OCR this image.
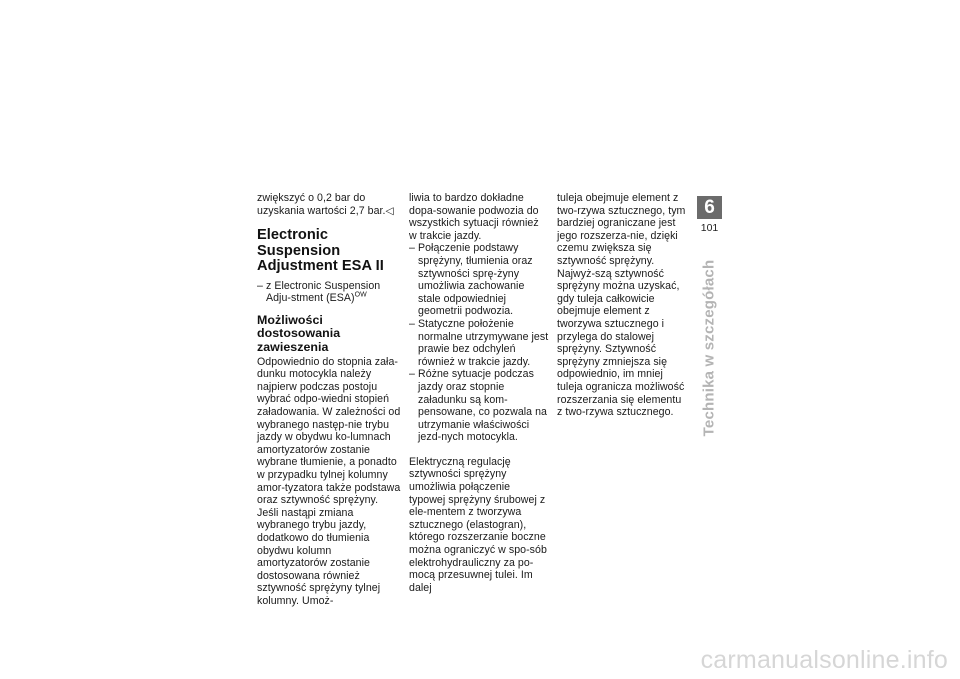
zwiększyć o 0,2 bar do uzyskania wartości 2,7 bar.◁

Electronic Suspension Adjustment ESA II
– z Electronic Suspension Adju-stment (ESA)$^{OW}$
Możliwości dostosowania zawieszenia

Odpowiednio do stopnia zała-dunku motocykla należy najpierw podczas postoju wybrać odpo-wiedni stopień załadowania. W zależności od wybranego następ-nie trybu jazdy w obydwu ko-lumnach amortyzatorów zostanie wybrane tłumienie, a ponadto w przypadku tylnej kolumny amor-tyzatora także podstawa oraz sztywność sprężyny. Jeśli nastąpi zmiana wybranego trybu jazdy, dodatkowo do tłumienia obydwu kolumn amortyzatorów zostanie dostosowana również sztywność sprężyny tylnej kolumny. Umoż-

liwia to bardzo dokładne dopa-sowanie podwozia do wszystkich sytuacji również w trakcie jazdy.

– Połączenie podstawy sprężyny, tłumienia oraz sztywności sprę-żyny umożliwia zachowanie stale odpowiedniej geometrii podwozia.
– Statyczne położenie normalne utrzymywane jest prawie bez odchyleń również w trakcie jazdy.
– Różne sytuacje podczas jazdy oraz stopnie załadunku są kom-pensowane, co pozwala na utrzymanie właściwości jezd-nych motocykla.

Elektryczną regulację sztywności sprężyny umożliwia połączenie typowej sprężyny śrubowej z ele-mentem z tworzywa sztucznego (elastogran), którego rozszerzanie boczne można ograniczyć w spo-sób elektrohydrauliczny za po-mocą przesuwnej tulei. Im dalej

tuleja obejmuje element z two-rzywa sztucznego, tym bardziej ograniczane jest jego rozszerza-nie, dzięki czemu zwiększa się sztywność sprężyny. Najwyż-szą sztywność sprężyny można uzyskać, gdy tuleja całkowicie obejmuje element z tworzywa sztucznego i przylega do stalowej sprężyny. Sztywność sprężyny zmniejsza się odpowiednio, im mniej tuleja ogranicza możliwość rozszerzania się elementu z two-rzywa sztucznego.

6
101
Technika w szczegółach
carmanualsonline.info
